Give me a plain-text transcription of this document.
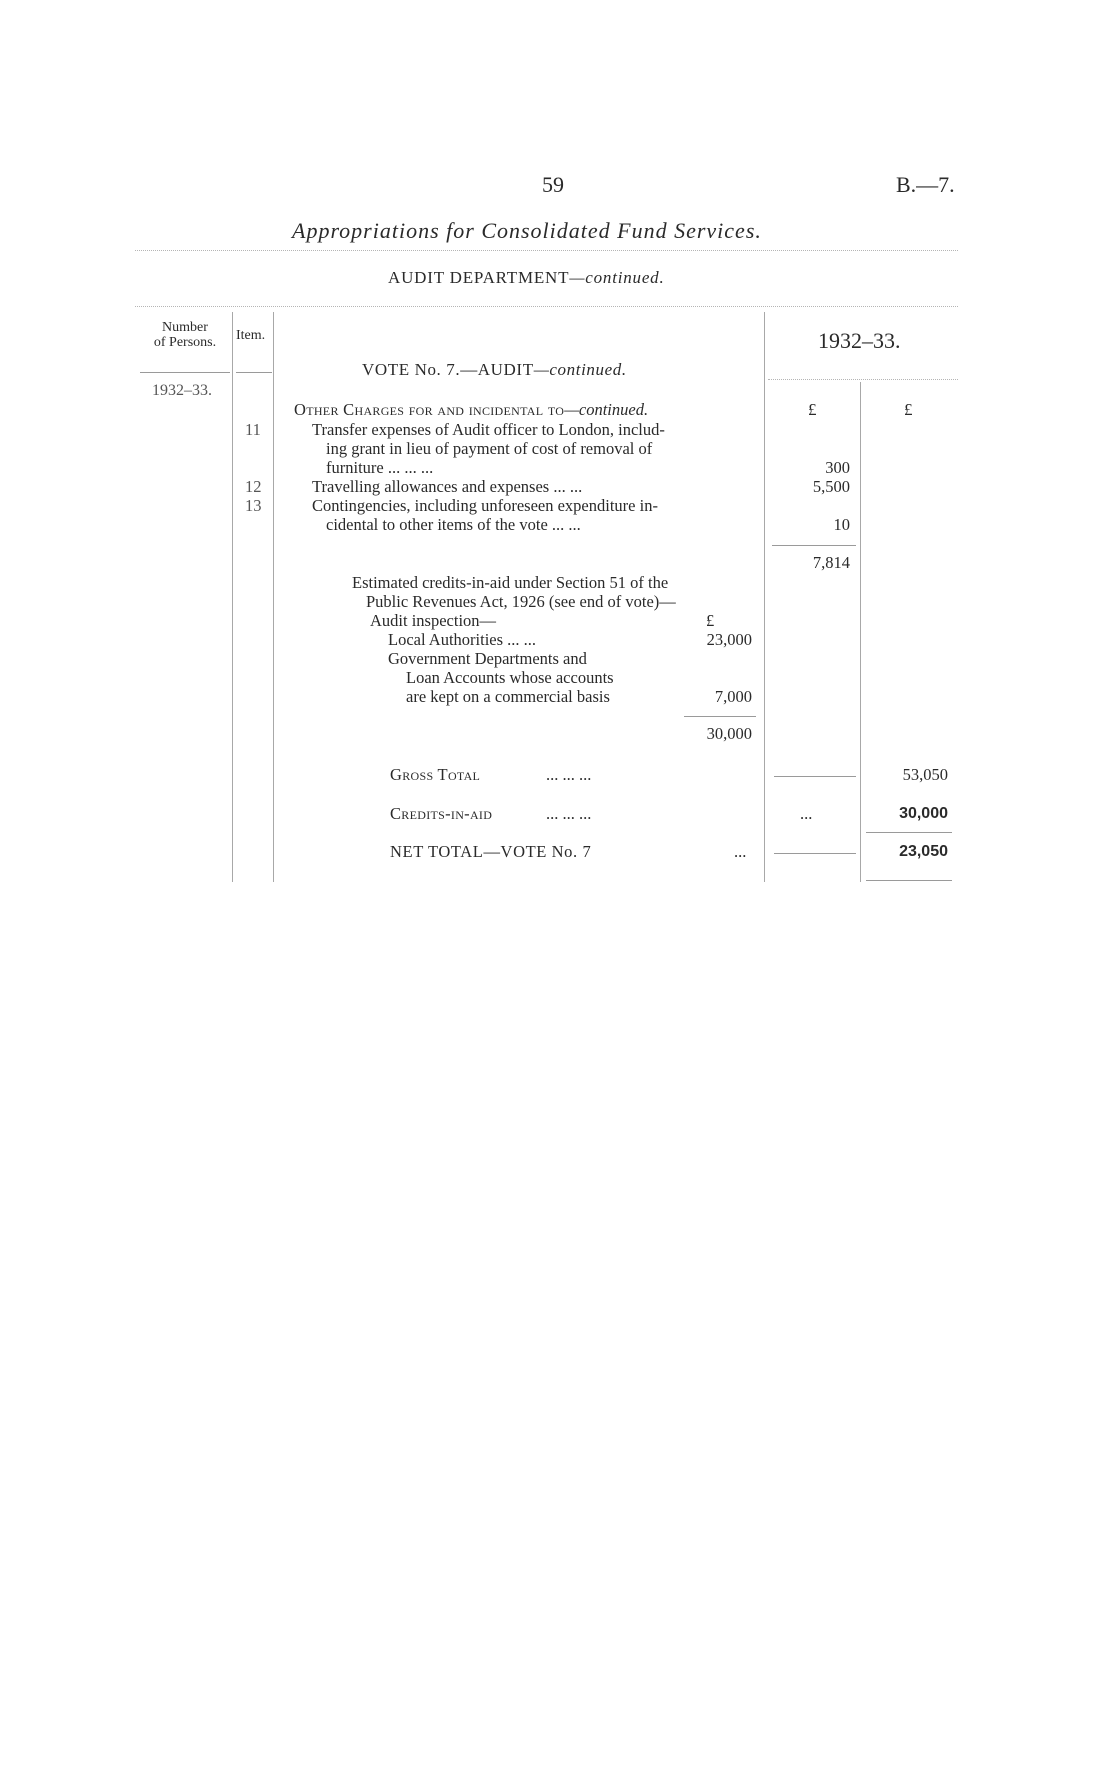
59	B.—7.
Appropriations for Consolidated Fund Services.
AUDIT DEPARTMENT—continued.
Number
of Persons.	Item.	1932–33.
1932–33.
VOTE No. 7.—AUDIT—continued.
Other Charges for and incidental to—continued.	£	£
11	Transfer expenses of Audit officer to London, includ-
ing grant in lieu of payment of cost of removal of
furniture ... ... ...	300
12	Travelling allowances and expenses ... ...	5,500
13	Contingencies, including unforeseen expenditure in-
cidental to other items of the vote ... ...	10
7,814
Estimated credits-in-aid under Section 51 of the
Public Revenues Act, 1926 (see end of vote)—
Audit inspection—	£
Local Authorities ... ...	23,000
Government Departments and
Loan Accounts whose accounts
are kept on a commercial basis	7,000
30,000
Gross Total	... ... ...	53,050
Credits-in-aid	... ... ...	...	30,000
NET TOTAL—VOTE No. 7	...	23,050
